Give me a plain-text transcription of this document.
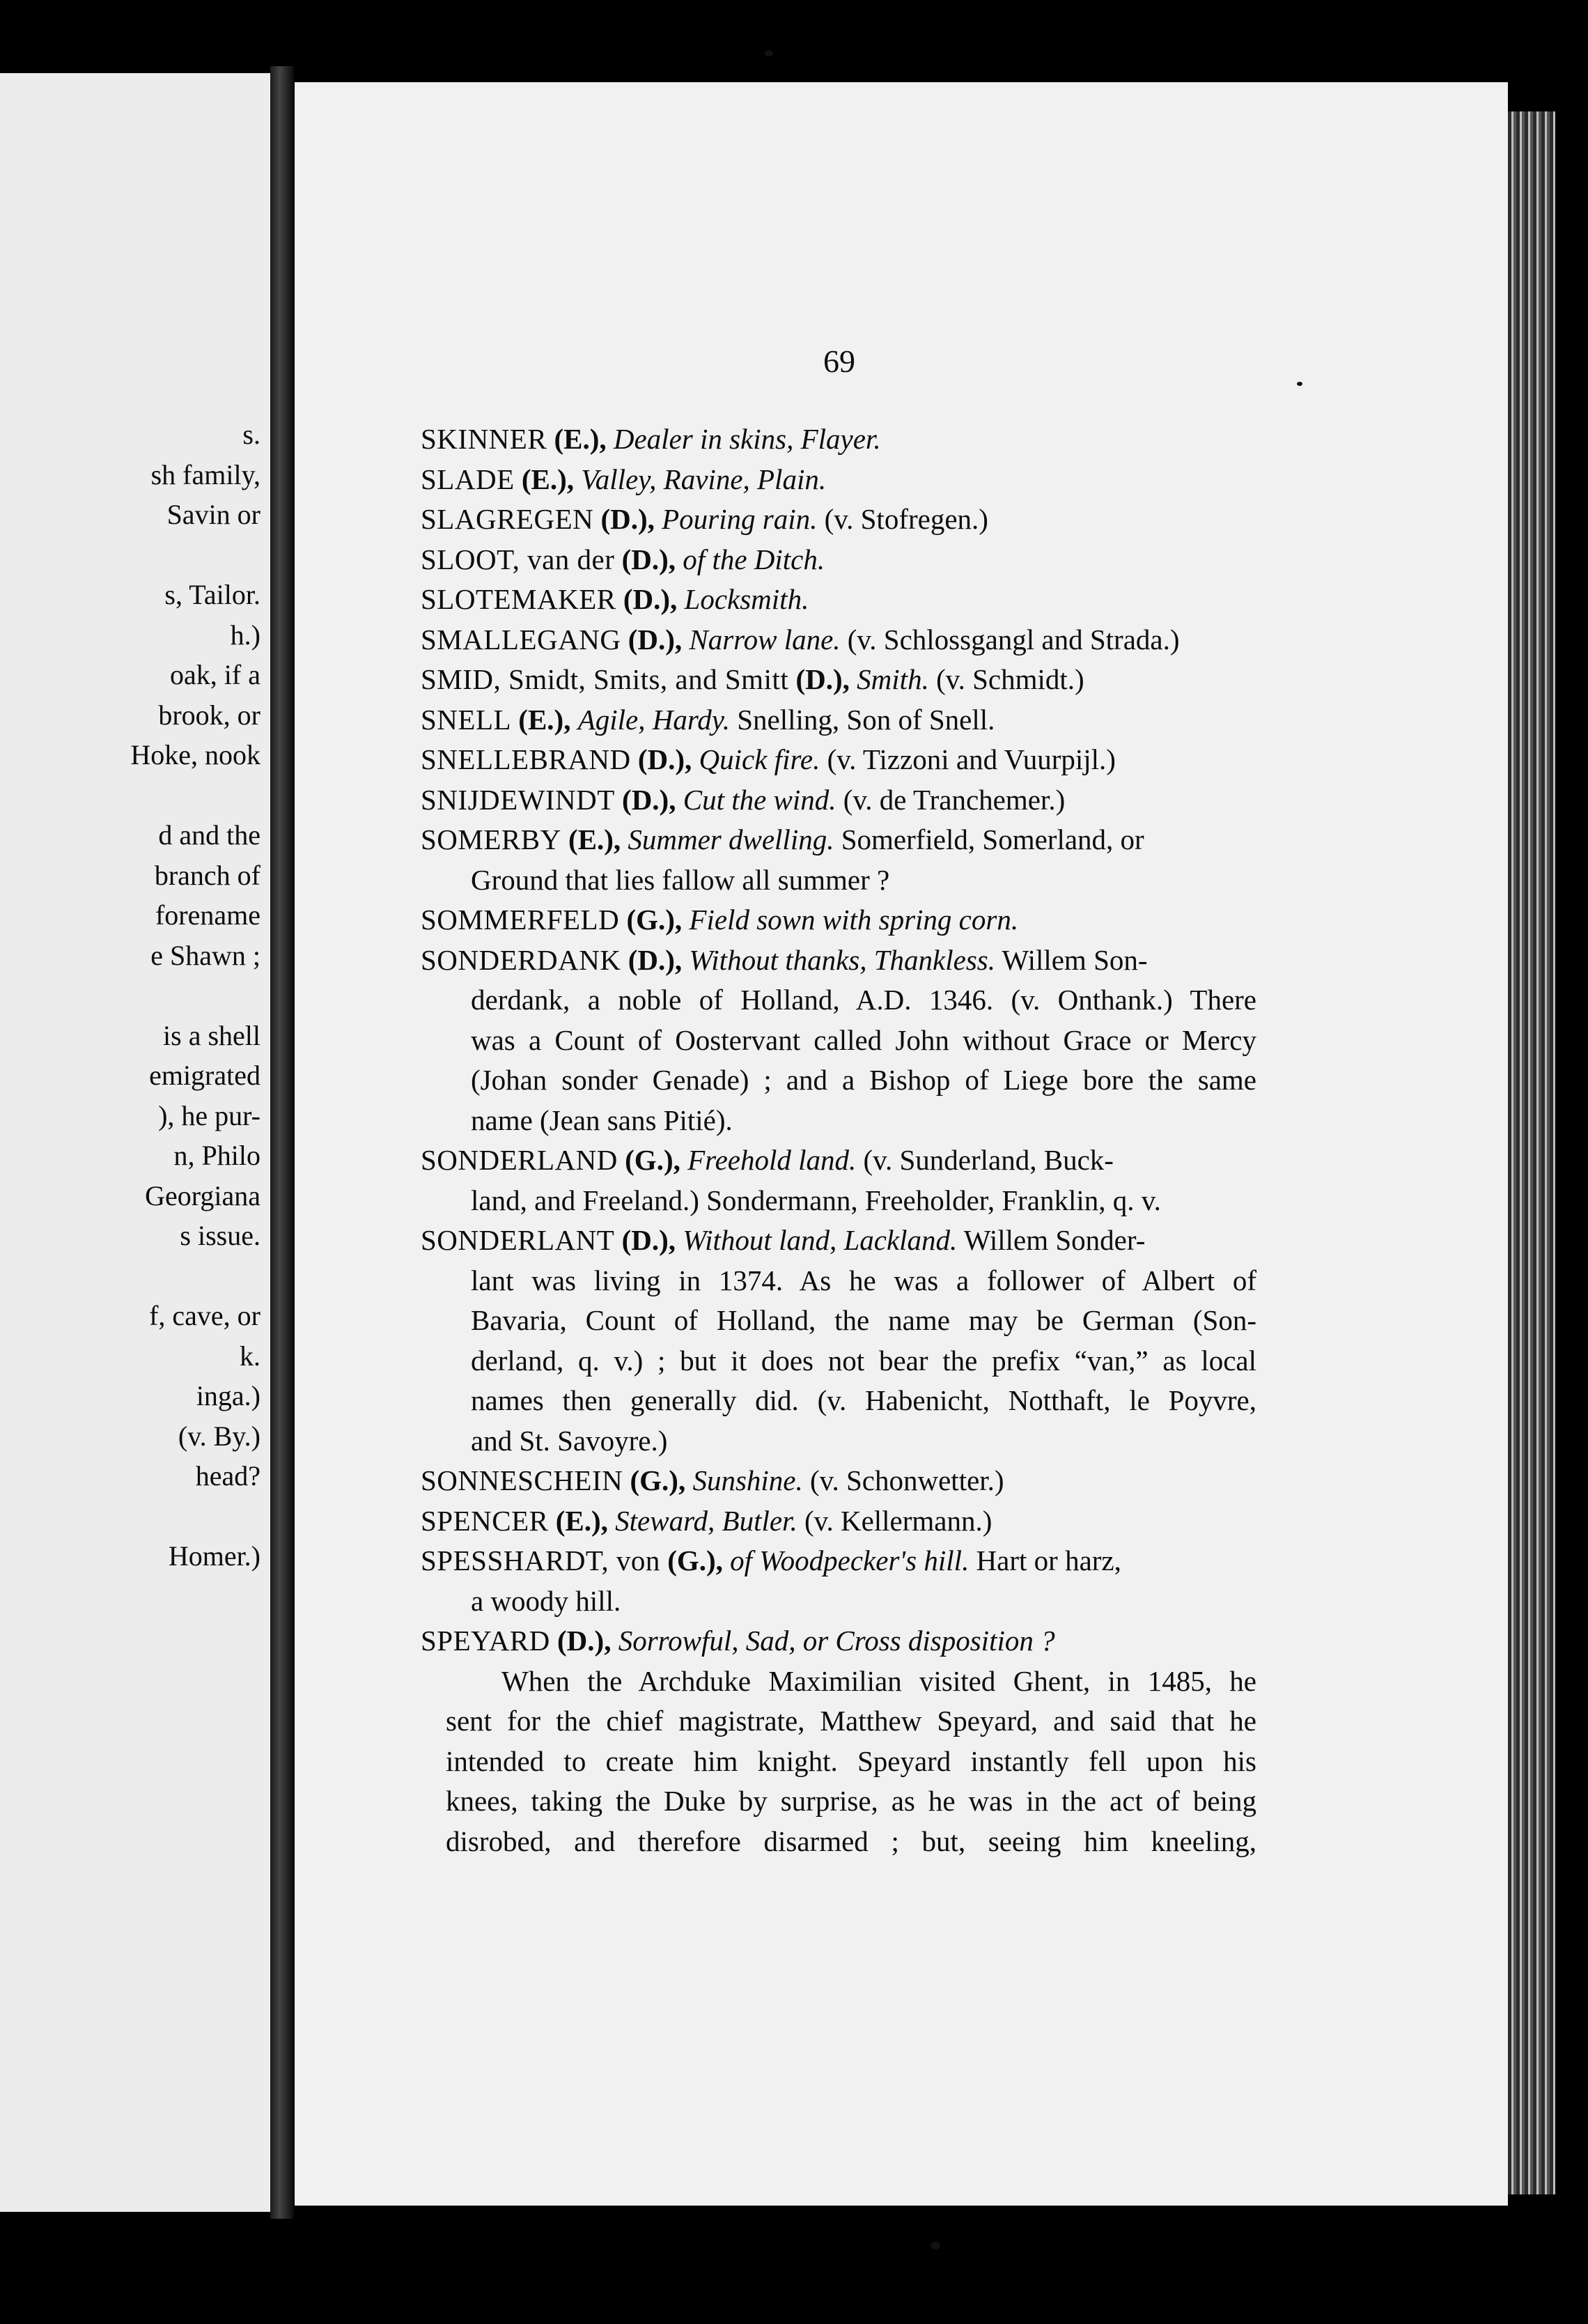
s.
sh family,
Savin or
s, Tailor.
h.)
oak, if a
brook, or
Hoke, nook
d and the
branch of
forename
e Shawn ;
is a shell
emigrated
), he pur-
n, Philo
Georgiana
s issue.
f, cave, or
k.
inga.)
(v. By.)
head?
Homer.)
69
SKINNER (E.), Dealer in skins, Flayer.
SLADE (E.), Valley, Ravine, Plain.
SLAGREGEN (D.), Pouring rain. (v. Stofregen.)
SLOOT, van der (D.), of the Ditch.
SLOTEMAKER (D.), Locksmith.
SMALLEGANG (D.), Narrow lane. (v. Schlossgangl and Strada.)
SMID, Smidt, Smits, and Smitt (D.), Smith. (v. Schmidt.)
SNELL (E.), Agile, Hardy. Snelling, Son of Snell.
SNELLEBRAND (D.), Quick fire. (v. Tizzoni and Vuurpijl.)
SNIJDEWINDT (D.), Cut the wind. (v. de Tranchemer.)
SOMERBY (E.), Summer dwelling. Somerfield, Somerland, or
Ground that lies fallow all summer ?
SOMMERFELD (G.), Field sown with spring corn.
SONDERDANK (D.), Without thanks, Thankless. Willem Son-
derdank, a noble of Holland, A.D. 1346. (v. Onthank.) There
was a Count of Oostervant called John without Grace or Mercy
(Johan sonder Genade) ; and a Bishop of Liege bore the same
name (Jean sans Pitié).
SONDERLAND (G.), Freehold land. (v. Sunderland, Buck-
land, and Freeland.) Sondermann, Freeholder, Franklin, q. v.
SONDERLANT (D.), Without land, Lackland. Willem Sonder-
lant was living in 1374. As he was a follower of Albert of
Bavaria, Count of Holland, the name may be German (Son-
derland, q. v.) ; but it does not bear the prefix “van,” as local
names then generally did. (v. Habenicht, Notthaft, le Poyvre,
and St. Savoyre.)
SONNESCHEIN (G.), Sunshine. (v. Schonwetter.)
SPENCER (E.), Steward, Butler. (v. Kellermann.)
SPESSHARDT, von (G.), of Woodpecker's hill. Hart or harz,
a woody hill.
SPEYARD (D.), Sorrowful, Sad, or Cross disposition ?
When the Archduke Maximilian visited Ghent, in 1485, he
sent for the chief magistrate, Matthew Speyard, and said that he
intended to create him knight. Speyard instantly fell upon his
knees, taking the Duke by surprise, as he was in the act of being
disrobed, and therefore disarmed ; but, seeing him kneeling,
